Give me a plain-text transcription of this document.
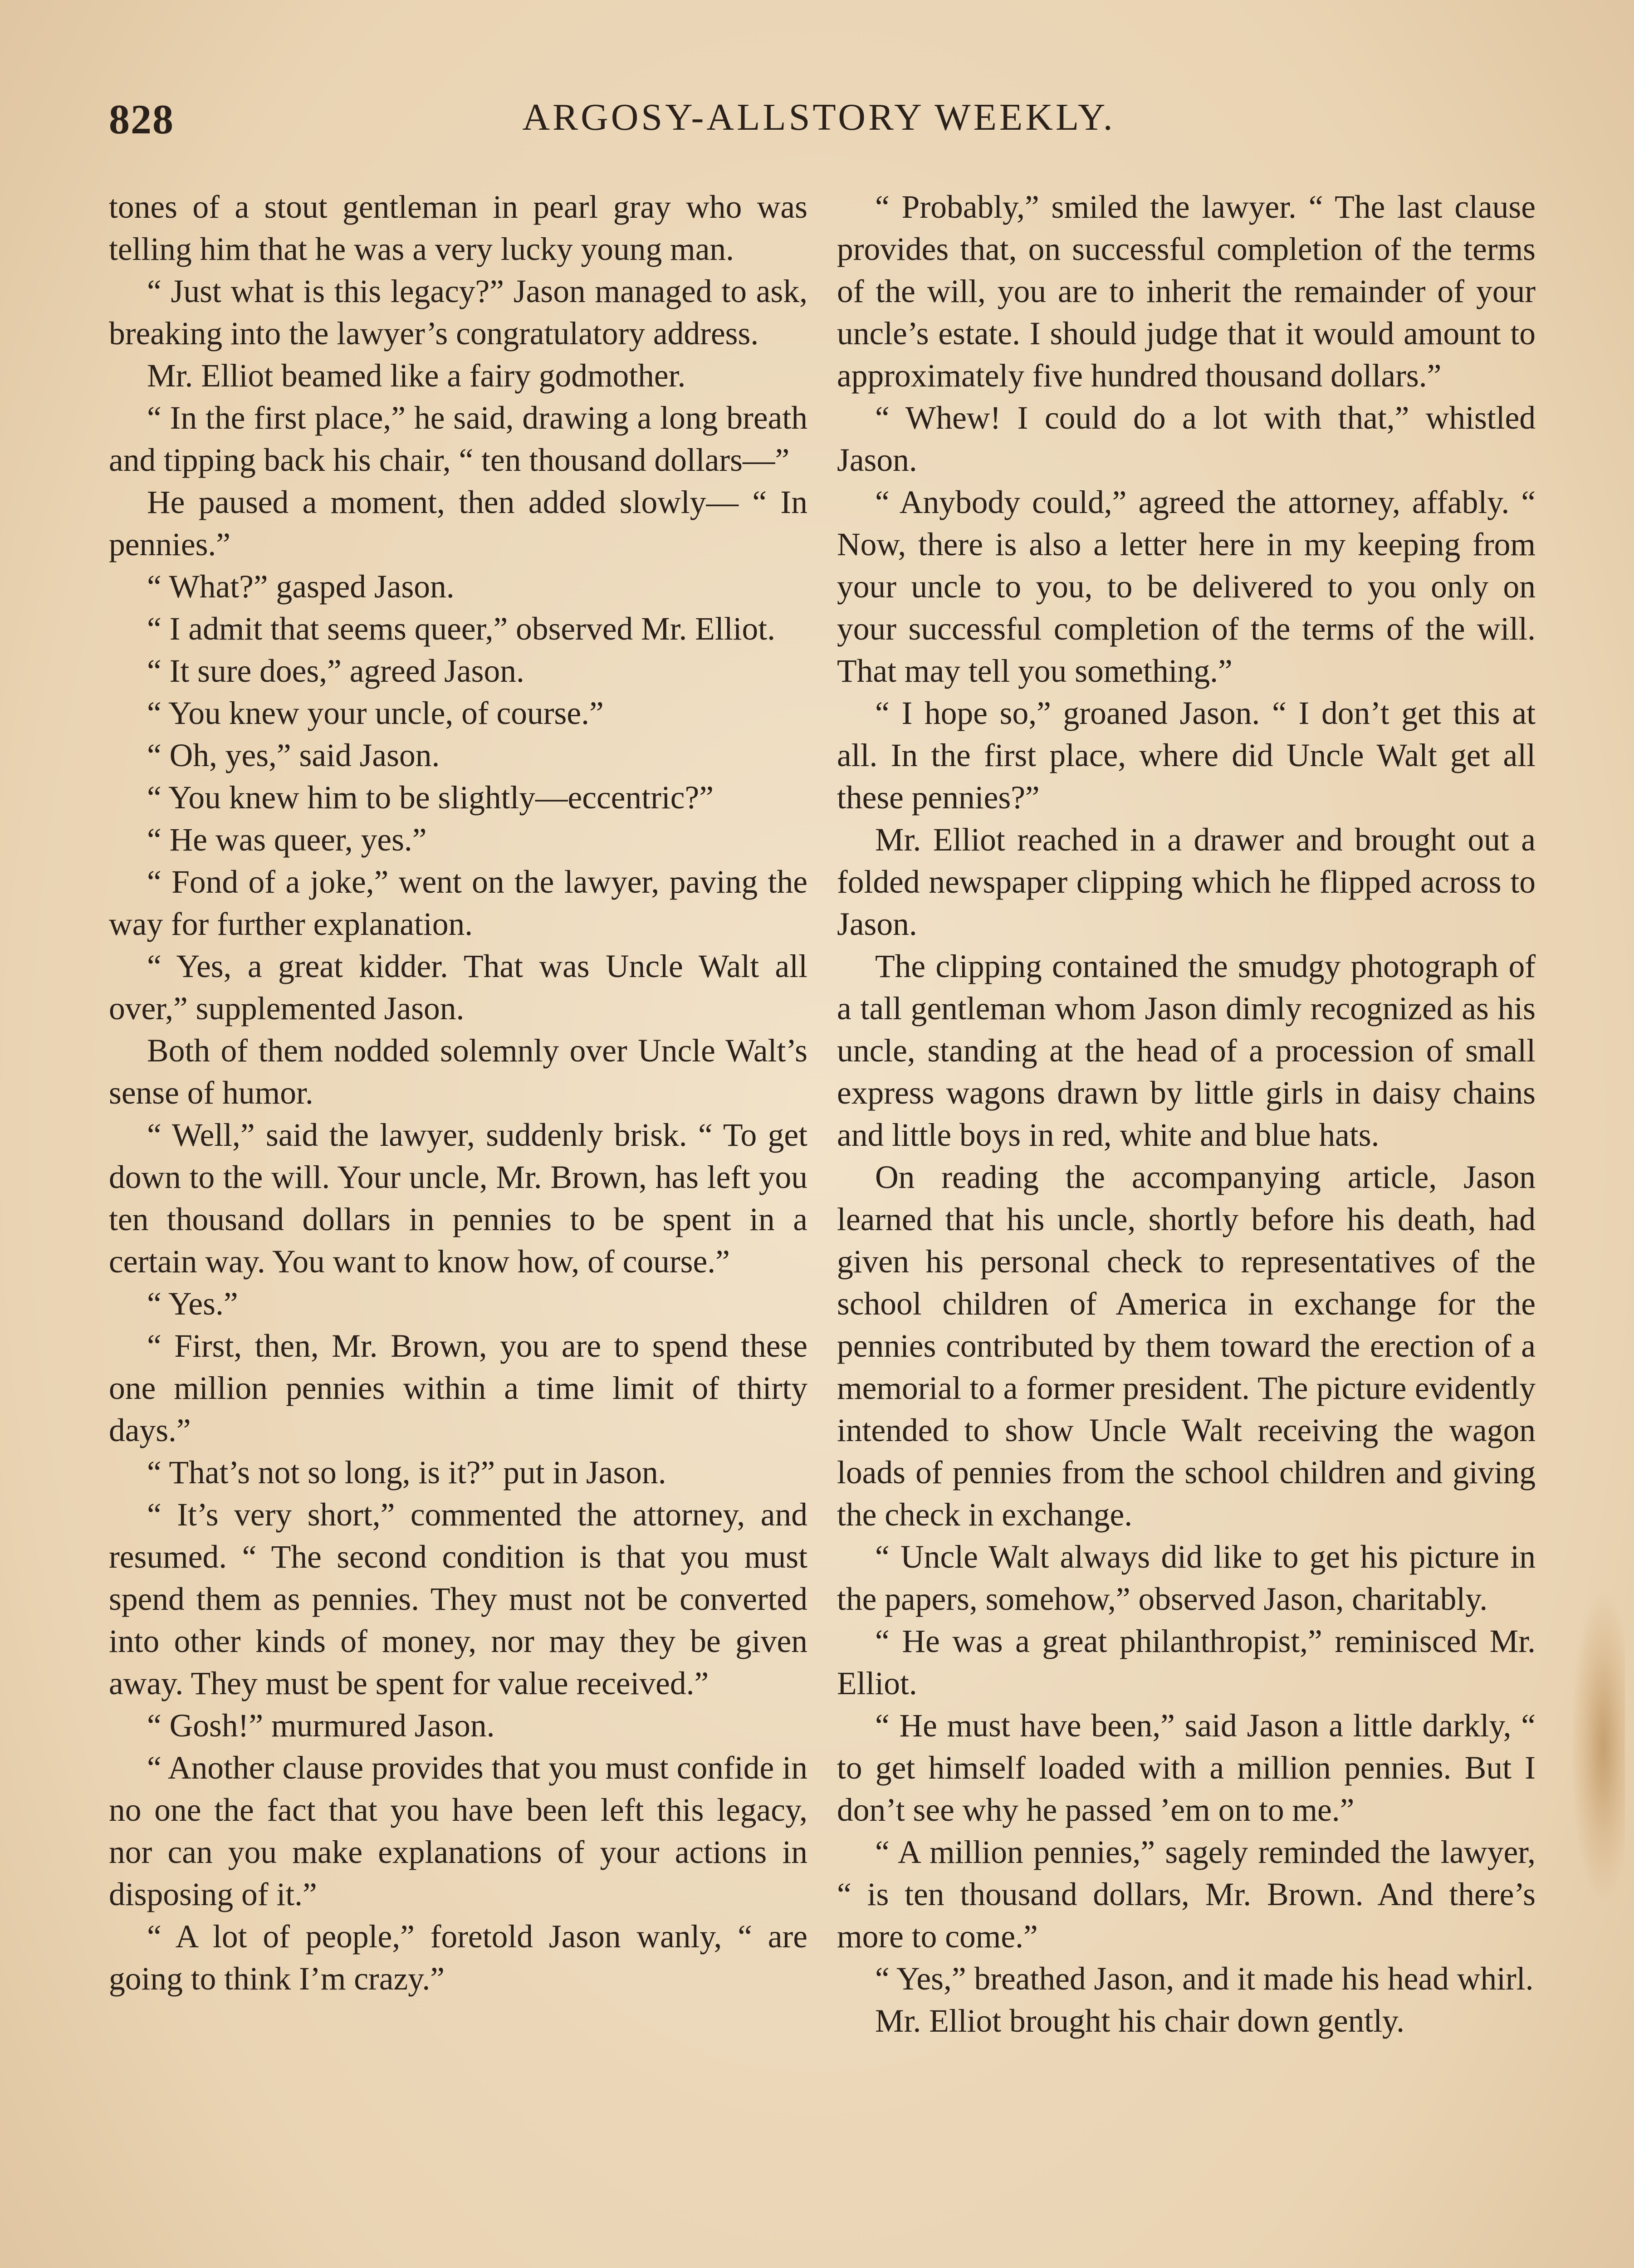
828	ARGOSY-ALLSTORY WEEKLY.

tones of a stout gentleman in pearl gray who was telling him that he was a very lucky young man.

“ Just what is this legacy?” Jason managed to ask, breaking into the lawyer’s congratulatory address.

Mr. Elliot beamed like a fairy godmother.

“ In the first place,” he said, drawing a long breath and tipping back his chair, “ ten thousand dollars—”

He paused a moment, then added slowly— “ In pennies.”

“ What?” gasped Jason.

“ I admit that seems queer,” observed Mr. Elliot.

“ It sure does,” agreed Jason.

“ You knew your uncle, of course.”

“ Oh, yes,” said Jason.

“ You knew him to be slightly—eccentric?”

“ He was queer, yes.”

“ Fond of a joke,” went on the lawyer, paving the way for further explanation.

“ Yes, a great kidder. That was Uncle Walt all over,” supplemented Jason.

Both of them nodded solemnly over Uncle Walt’s sense of humor.

“ Well,” said the lawyer, suddenly brisk. “ To get down to the will. Your uncle, Mr. Brown, has left you ten thousand dollars in pennies to be spent in a certain way. You want to know how, of course.”

“ Yes.”

“ First, then, Mr. Brown, you are to spend these one million pennies within a time limit of thirty days.”

“ That’s not so long, is it?” put in Jason.

“ It’s very short,” commented the attorney, and resumed. “ The second condition is that you must spend them as pennies. They must not be converted into other kinds of money, nor may they be given away. They must be spent for value received.”

“ Gosh!” murmured Jason.

“ Another clause provides that you must confide in no one the fact that you have been left this legacy, nor can you make explanations of your actions in disposing of it.”

“ A lot of people,” foretold Jason wanly, “ are going to think I’m crazy.”

“ Probably,” smiled the lawyer. “ The last clause provides that, on successful completion of the terms of the will, you are to inherit the remainder of your uncle’s estate. I should judge that it would amount to approximately five hundred thousand dollars.”

“ Whew! I could do a lot with that,” whistled Jason.

“ Anybody could,” agreed the attorney, affably. “ Now, there is also a letter here in my keeping from your uncle to you, to be delivered to you only on your successful completion of the terms of the will. That may tell you something.”

“ I hope so,” groaned Jason. “ I don’t get this at all. In the first place, where did Uncle Walt get all these pennies?”

Mr. Elliot reached in a drawer and brought out a folded newspaper clipping which he flipped across to Jason.

The clipping contained the smudgy photograph of a tall gentleman whom Jason dimly recognized as his uncle, standing at the head of a procession of small express wagons drawn by little girls in daisy chains and little boys in red, white and blue hats.

On reading the accompanying article, Jason learned that his uncle, shortly before his death, had given his personal check to representatives of the school children of America in exchange for the pennies contributed by them toward the erection of a memorial to a former president. The picture evidently intended to show Uncle Walt receiving the wagon loads of pennies from the school children and giving the check in exchange.

“ Uncle Walt always did like to get his picture in the papers, somehow,” observed Jason, charitably.

“ He was a great philanthropist,” reminisced Mr. Elliot.

“ He must have been,” said Jason a little darkly, “ to get himself loaded with a million pennies. But I don’t see why he passed ’em on to me.”

“ A million pennies,” sagely reminded the lawyer, “ is ten thousand dollars, Mr. Brown. And there’s more to come.”

“ Yes,” breathed Jason, and it made his head whirl.

Mr. Elliot brought his chair down gently.
